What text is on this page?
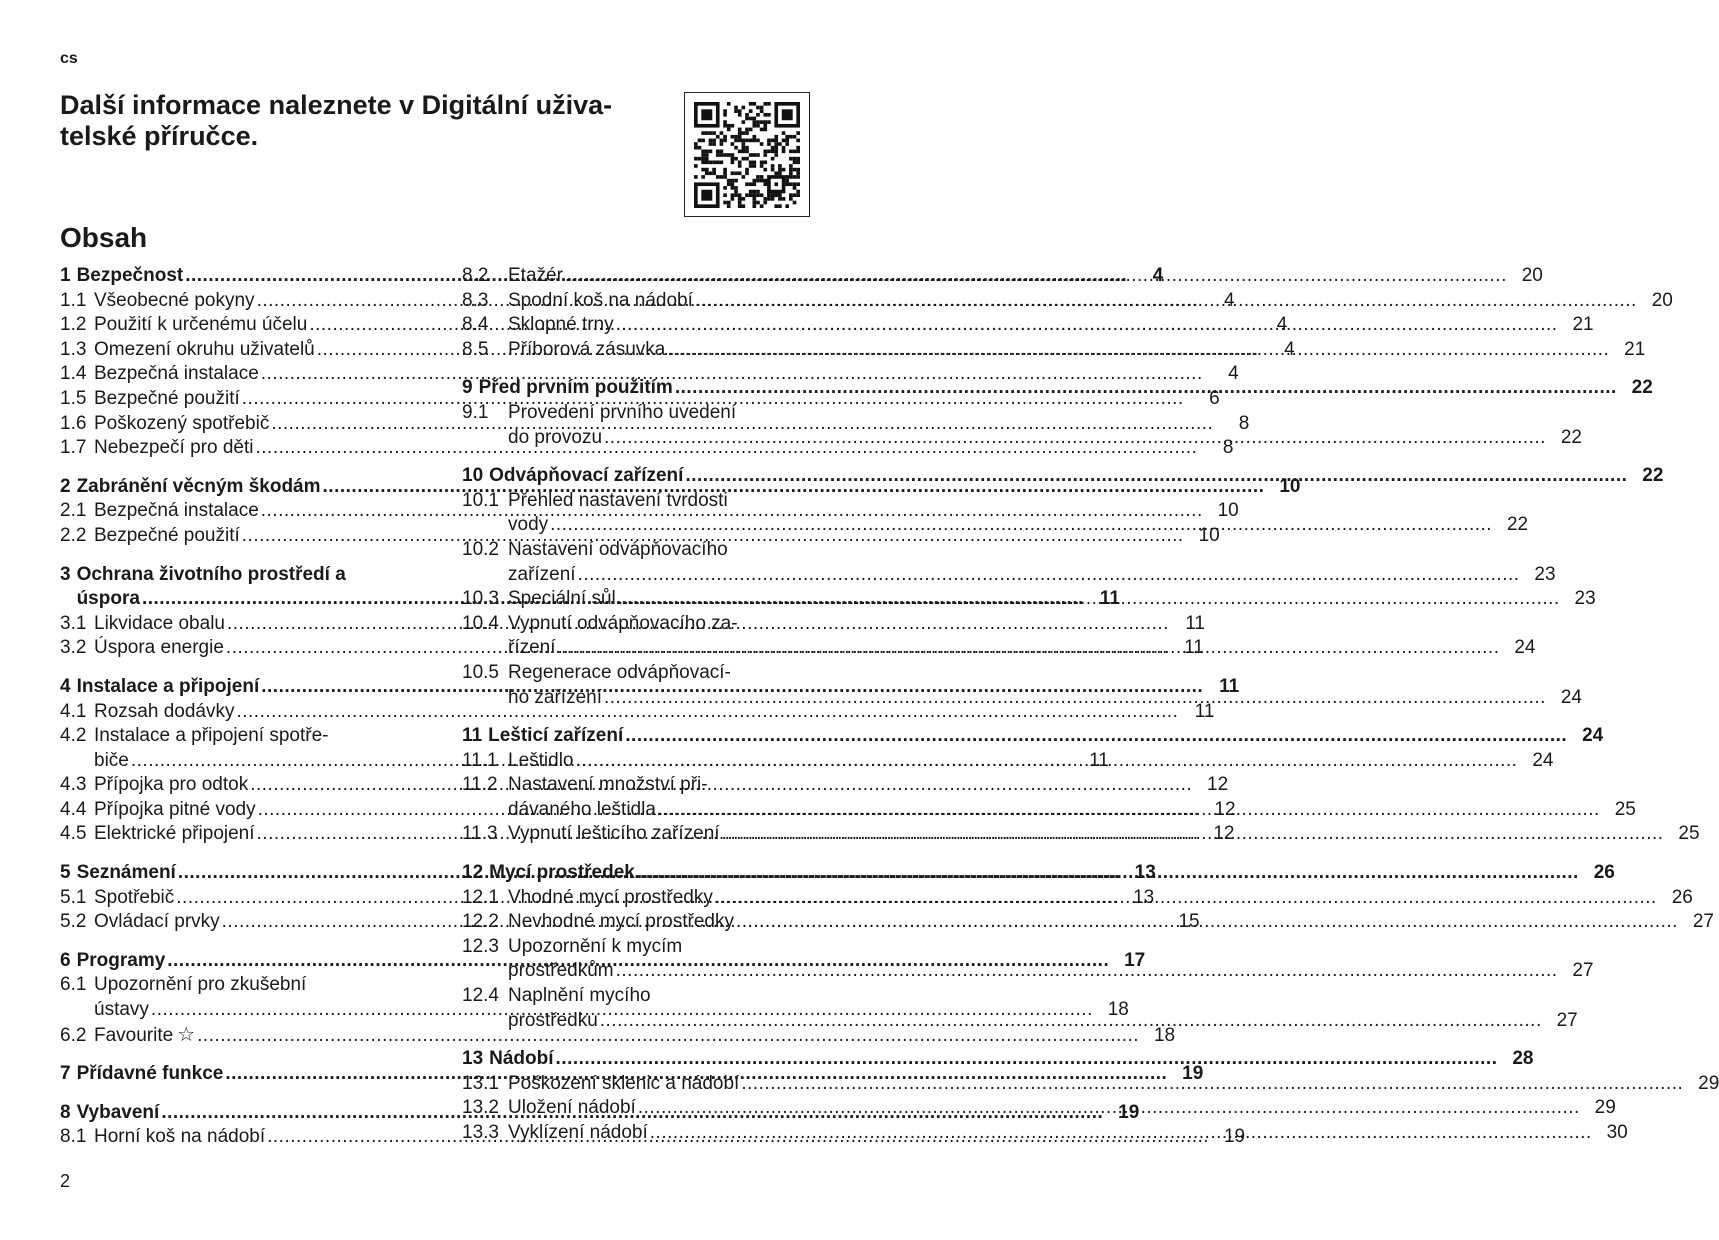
cs
Další informace naleznete v Digitální uživa-telské příručce.
Obsah
1 Bezpečnost .....	4
1.1 Všeobecné pokyny .....	4
1.2 Použití k určenému účelu .....	4
1.3 Omezení okruhu uživatelů .....	4
1.4 Bezpečná instalace .....	4
1.5 Bezpečné použití .....	6
1.6 Poškozený spotřebič .....	8
1.7 Nebezpečí pro děti .....	8
2 Zabránění věcným škodám .....	10
2.1 Bezpečná instalace .....	10
2.2 Bezpečné použití .....	10
3 Ochrana životního prostředí a
úspora .....	11
3.1 Likvidace obalu .....	11
3.2 Úspora energie .....	11
4 Instalace a připojení .....	11
4.1 Rozsah dodávky .....	11
4.2 Instalace a připojení spotře-
biče .....	11
4.3 Přípojka pro odtok .....	12
4.4 Přípojka pitné vody .....	12
4.5 Elektrické připojení .....	12
5 Seznámení .....	13
5.1 Spotřebič .....	13
5.2 Ovládací prvky .....	15
6 Programy .....	17
6.1 Upozornění pro zkušební
ústavy .....	18
6.2 Favourite ☆ .....	18
7 Přídavné funkce .....	19
8 Vybavení .....	19
8.1 Horní koš na nádobí .....	19
8.2	Etažér .....	20
8.3	Spodní koš na nádobí .....	20
8.4	Sklopné trny .....	21
8.5	Příborová zásuvka .....	21
9 Před prvním použitím .....	22
9.1	Provedení prvního uvedení
do provozu .....	22
10 Odvápňovací zařízení .....	22
10.1 Přehled nastavení tvrdosti
vody .....	22
10.2 Nastavení odvápňovacího
zařízení .....	23
10.3 Speciální sůl .....	23
10.4 Vypnutí odvápňovacího za-
řízení .....	24
10.5 Regenerace odvápňovací-
ho zařízení .....	24
11 Lešticí zařízení .....	24
11.1 Leštidlo .....	24
11.2 Nastavení množství při-
dávaného leštidla .....	25
11.3 Vypnutí lešticího zařízení .....	25
12 Mycí prostředek .....	26
12.1 Vhodné mycí prostředky .....	26
12.2 Nevhodné mycí prostředky .....	27
12.3 Upozornění k mycím
prostředkům .....	27
12.4 Naplnění mycího
prostředku .....	27
13 Nádobí .....	28
13.1 Poškození sklenic a nádobí .....	29
13.2 Uložení nádobí .....	29
13.3 Vyklízení nádobí .....	30
2
